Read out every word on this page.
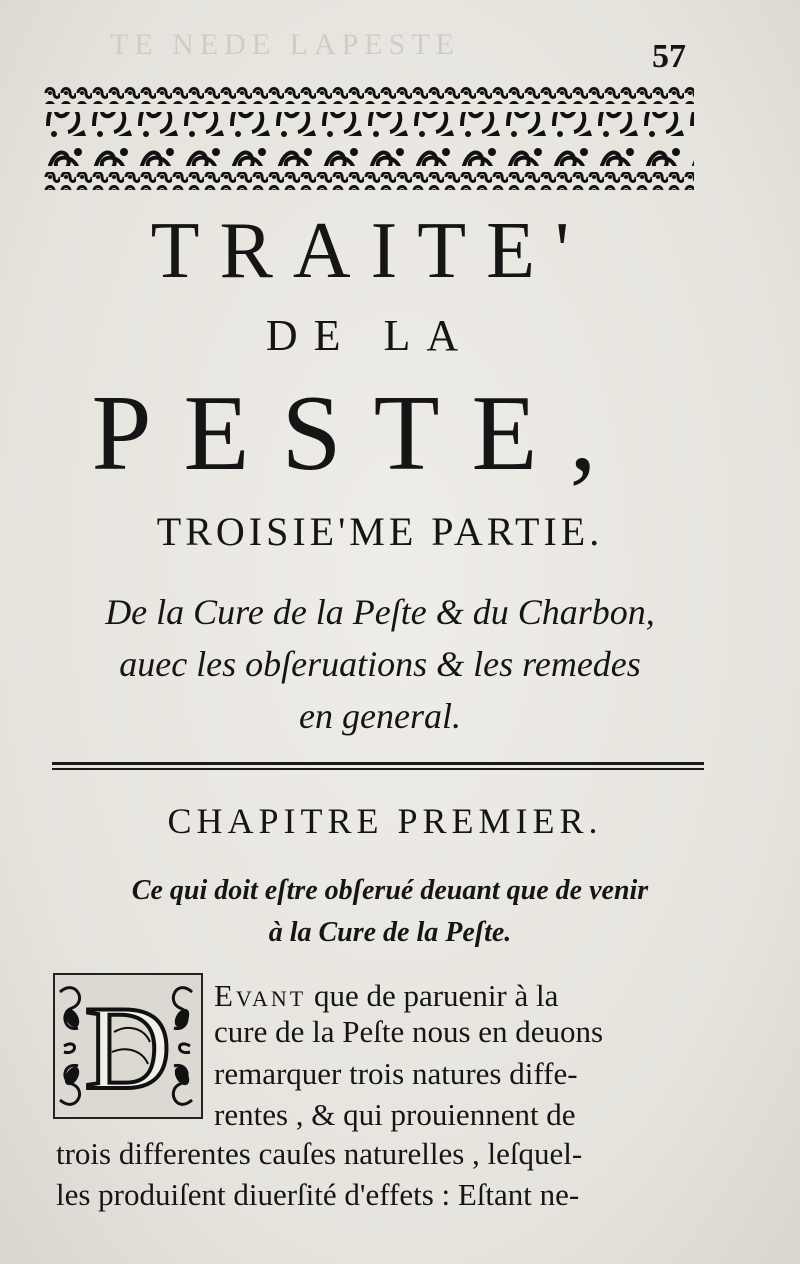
TE NEDE LAPESTE	57
TRAITE'
DE LA
PESTE,
TROISIE'ME PARTIE.
De la Cure de la Peſte & du Charbon,
auec les obſeruations & les remedes
en general.
CHAPITRE PREMIER.
Ce qui doit eſtre obſerué deuant que de venir
à la Cure de la Peſte.
D Evant que de paruenir à la
cure de la Peſte nous en deuons
remarquer trois natures diffe-
rentes , & qui prouiennent de
trois differentes cauſes naturelles , leſquel-
les produiſent diuerſité d'effets : Eſtant ne-
